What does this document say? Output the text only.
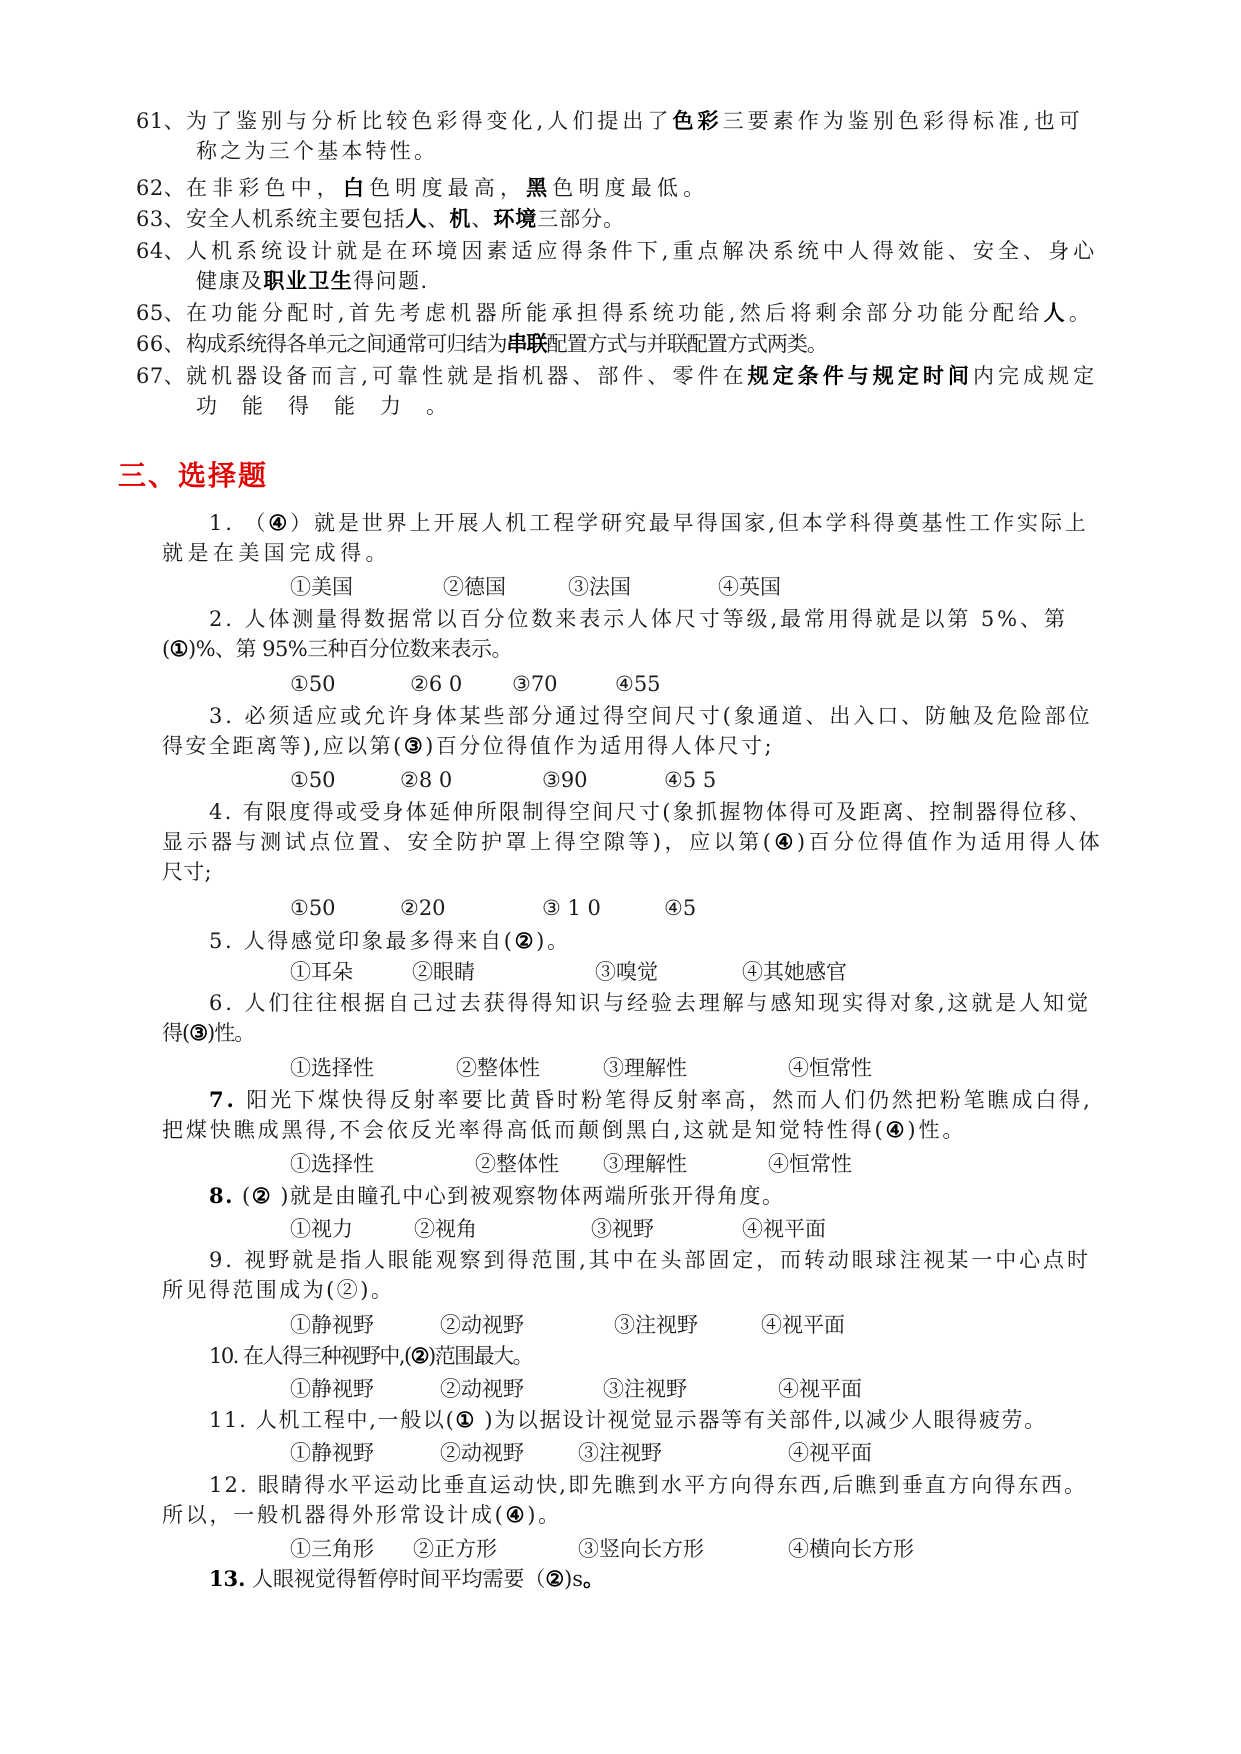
61、 为了鉴别与分析比较色彩得变化,人们提出了色彩三要素作为鉴别色彩得标准,也可
称之为三个基本特性。
62、 在非彩色中，白色明度最高，黑色明度最低。
63、 安全人机系统主要包括人、机、环境三部分。
64、 人机系统设计就是在环境因素适应得条件下,重点解决系统中人得效能、安全、身心
健康及职业卫生得问题.
65、 在功能分配时,首先考虑机器所能承担得系统功能,然后将剩余部分功能分配给人。
66、 构成系统得各单元之间通常可归结为串联配置方式与并联配置方式两类。
67、 就机器设备而言,可靠性就是指机器、部件、零件在规定条件与规定时间内完成规定
功能得能力。
三、选择题
1. （④）就是世界上开展人机工程学研究最早得国家,但本学科得奠基性工作实际上
就是在美国完成得。
①美国	②德国	③法国	④英国
2. 人体测量得数据常以百分位数来表示人体尺寸等级,最常用得就是以第 5%、第
(①)%、第 95%三种百分位数来表示。
①50	②6 0 ③70	④55
3. 必须适应或允许身体某些部分通过得空间尺寸(象通道、出入口、防触及危险部位
得安全距离等),应以第(③)百分位得值作为适用得人体尺寸;
①50	②8 0	③90	④5 5
4. 有限度得或受身体延伸所限制得空间尺寸(象抓握物体得可及距离、控制器得位移、
显示器与测试点位置、安全防护罩上得空隙等)，应以第(④)百分位得值作为适用得人体
尺寸;
①50	②20	③ 1 0	④5
5. 人得感觉印象最多得来自(②)。
①耳朵	②眼睛	③嗅觉	④其她感官
6. 人们往往根据自己过去获得得知识与经验去理解与感知现实得对象,这就是人知觉
得(③)性。
①选择性	②整体性	③理解性	④恒常性
7. 阳光下煤快得反射率要比黄昏时粉笔得反射率高，然而人们仍然把粉笔瞧成白得,
把煤快瞧成黑得,不会依反光率得高低而颠倒黑白,这就是知觉特性得(④)性。
①选择性	②整体性 ③理解性	④恒常性
8. (② )就是由瞳孔中心到被观察物体两端所张开得角度。
①视力	②视角	③视野	④视平面
9. 视野就是指人眼能观察到得范围,其中在头部固定，而转动眼球注视某一中心点时
所见得范围成为(②)。
①静视野	②动视野	③注视野	④视平面
10. 在人得三种视野中,(②)范围最大。
①静视野	②动视野	③注视野	④视平面
11. 人机工程中,一般以(① )为以据设计视觉显示器等有关部件,以减少人眼得疲劳。
①静视野	②动视野	③注视野	④视平面
12. 眼睛得水平运动比垂直运动快,即先瞧到水平方向得东西,后瞧到垂直方向得东西。
所以，一般机器得外形常设计成(④)。
①三角形 ②正方形	③竖向长方形	④横向长方形
13. 人眼视觉得暂停时间平均需要（②)s。
